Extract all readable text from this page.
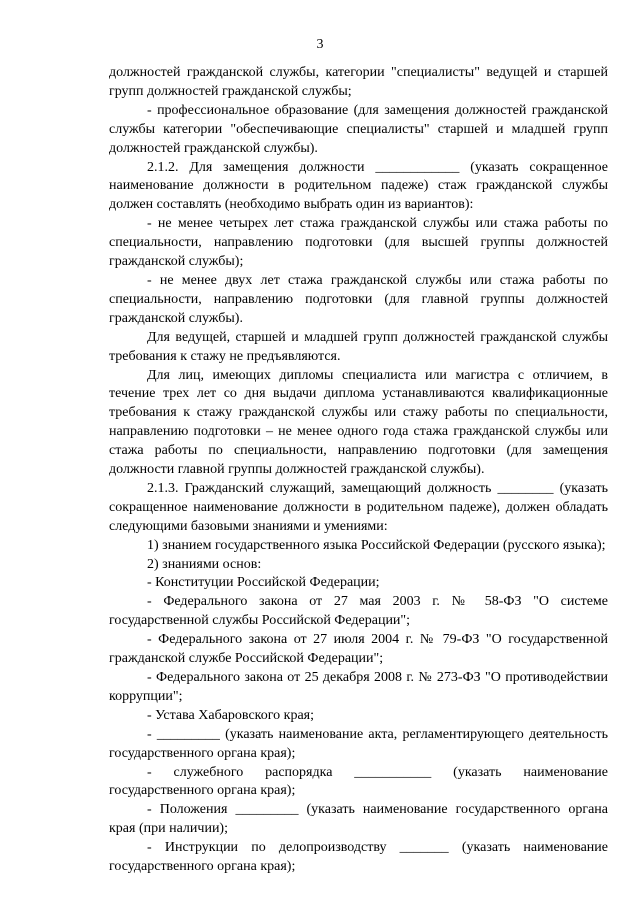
3

должностей гражданской службы, категории "специалисты" ведущей и старшей групп должностей гражданской службы;

- профессиональное образование (для замещения должностей гражданской службы категории "обеспечивающие специалисты" старшей и младшей групп должностей гражданской службы).

2.1.2. Для замещения должности ____________ (указать сокращенное наименование должности в родительном падеже) стаж гражданской службы должен составлять (необходимо выбрать один из вариантов):

- не менее четырех лет стажа гражданской службы или стажа работы по специальности, направлению подготовки (для высшей группы должностей гражданской службы);

- не менее двух лет стажа гражданской службы или стажа работы по специальности, направлению подготовки (для главной группы должностей гражданской службы).

Для ведущей, старшей и младшей групп должностей гражданской службы требования к стажу не предъявляются.

Для лиц, имеющих дипломы специалиста или магистра с отличием, в течение трех лет со дня выдачи диплома устанавливаются квалификационные требования к стажу гражданской службы или стажу работы по специальности, направлению подготовки – не менее одного года стажа гражданской службы или стажа работы по специальности, направлению подготовки (для замещения должности главной группы должностей гражданской службы).

2.1.3. Гражданский служащий, замещающий должность ________ (указать сокращенное наименование должности в родительном падеже), должен обладать следующими базовыми знаниями и умениями:

1) знанием государственного языка Российской Федерации (русского языка);

2) знаниями основ:

- Конституции Российской Федерации;

- Федерального закона от 27 мая 2003 г. № 58-ФЗ "О системе государственной службы Российской Федерации";

- Федерального закона от 27 июля 2004 г. № 79-ФЗ "О государственной гражданской службе Российской Федерации";

- Федерального закона от 25 декабря 2008 г. № 273-ФЗ "О противодействии коррупции";

- Устава Хабаровского края;

- _________ (указать наименование акта, регламентирующего деятельность государственного органа края);

- служебного распорядка ___________ (указать наименование государственного органа края);

- Положения _________ (указать наименование государственного органа края (при наличии);

- Инструкции по делопроизводству _______ (указать наименование государственного органа края);
